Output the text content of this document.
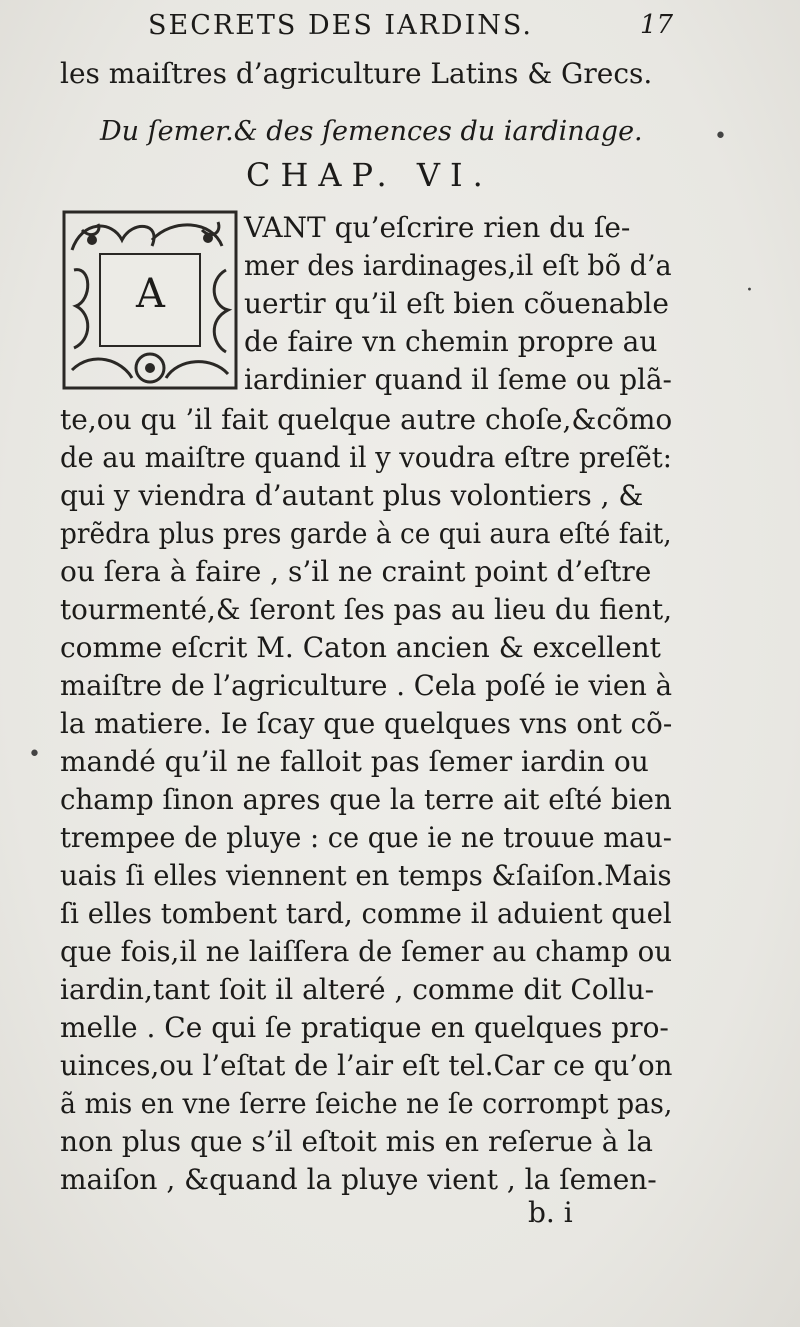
SECRETS DES IARDINS.	17
les maiſtres d’agriculture Latins & Grecs.
Du ſemer.& des ſemences du iardinage.
CHAP. VI.
A
VANT qu’eſcrire rien du ſe-
mer des iardinages,il eſt bõ d’a
uertir qu’il eſt bien cõuenable
de faire vn chemin propre au
iardinier quand il ſeme ou plã-
te,ou qu ’il fait quelque autre choſe,&cõmo
de au maiſtre quand il y voudra eſtre preſẽt:
qui y viendra d’autant plus volontiers , &
prẽdra plus pres garde à ce qui aura eſté fait,
ou ſera à faire , s’il ne craint point d’eſtre
tourmenté,& ſeront ſes pas au lieu du fient,
comme eſcrit M. Caton ancien & excellent
maiſtre de l’agriculture . Cela poſé ie vien à
la matiere. Ie ſcay que quelques vns ont cõ-
mandé qu’il ne falloit pas ſemer iardin ou
champ ſinon apres que la terre ait eſté bien
trempee de pluye : ce que ie ne trouue mau-
uais ſi elles viennent en temps &ſaiſon.Mais
ſi elles tombent tard, comme il aduient quel
que fois,il ne laiſſera de ſemer au champ ou
iardin,tant ſoit il alteré , comme dit Collu-
melle . Ce qui ſe pratique en quelques pro-
uinces,ou l’eſtat de l’air eſt tel.Car ce qu’on
ã mis en vne ſerre ſeiche ne ſe corrompt pas,
non plus que s’il eſtoit mis en reſerue à la
maiſon , &quand la pluye vient , la ſemen-
b. i
•
·
•
